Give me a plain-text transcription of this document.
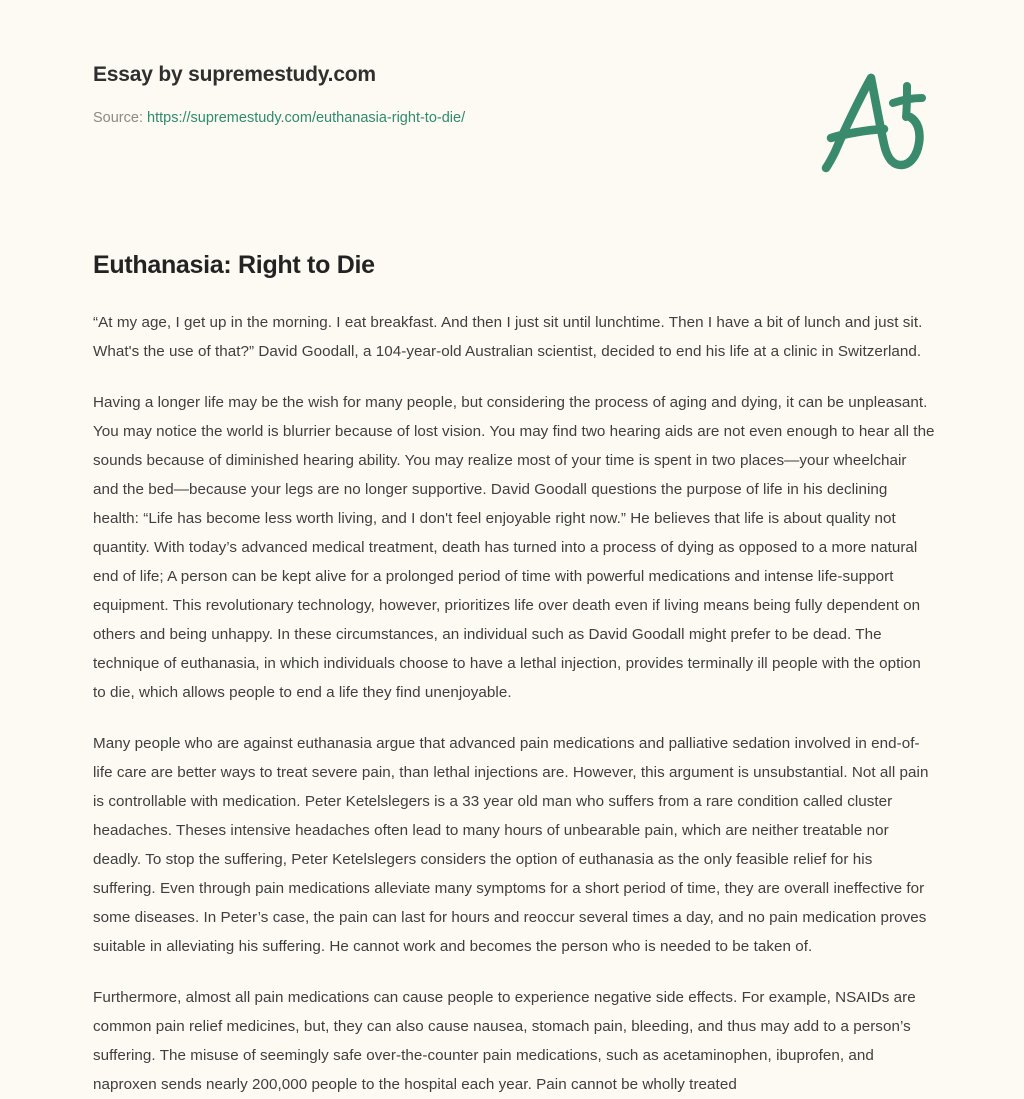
Essay by supremestudy.com
Source: https://supremestudy.com/euthanasia-right-to-die/
Euthanasia: Right to Die

“At my age, I get up in the morning. I eat breakfast. And then I just sit until lunchtime. Then I have a bit of lunch and just sit. What's the use of that?” David Goodall, a 104-year-old Australian scientist, decided to end his life at a clinic in Switzerland.

Having a longer life may be the wish for many people, but considering the process of aging and dying, it can be unpleasant. You may notice the world is blurrier because of lost vision. You may find two hearing aids are not even enough to hear all the sounds because of diminished hearing ability. You may realize most of your time is spent in two places—your wheelchair and the bed—because your legs are no longer supportive. David Goodall questions the purpose of life in his declining health: “Life has become less worth living, and I don't feel enjoyable right now.” He believes that life is about quality not quantity. With today’s advanced medical treatment, death has turned into a process of dying as opposed to a more natural end of life; A person can be kept alive for a prolonged period of time with powerful medications and intense life-support equipment. This revolutionary technology, however, prioritizes life over death even if living means being fully dependent on others and being unhappy. In these circumstances, an individual such as David Goodall might prefer to be dead. The technique of euthanasia, in which individuals choose to have a lethal injection, provides terminally ill people with the option to die, which allows people to end a life they find unenjoyable.

Many people who are against euthanasia argue that advanced pain medications and palliative sedation involved in end-of-life care are better ways to treat severe pain, than lethal injections are. However, this argument is unsubstantial. Not all pain is controllable with medication. Peter Ketelslegers is a 33 year old man who suffers from a rare condition called cluster headaches. Theses intensive headaches often lead to many hours of unbearable pain, which are neither treatable nor deadly. To stop the suffering, Peter Ketelslegers considers the option of euthanasia as the only feasible relief for his suffering. Even through pain medications alleviate many symptoms for a short period of time, they are overall ineffective for some diseases. In Peter’s case, the pain can last for hours and reoccur several times a day, and no pain medication proves suitable in alleviating his suffering. He cannot work and becomes the person who is needed to be taken of.

Furthermore, almost all pain medications can cause people to experience negative side effects. For example, NSAIDs are common pain relief medicines, but, they can also cause nausea, stomach pain, bleeding, and thus may add to a person’s suffering. The misuse of seemingly safe over-the-counter pain medications, such as acetaminophen, ibuprofen, and naproxen sends nearly 200,000 people to the hospital each year. Pain cannot be wholly treated
